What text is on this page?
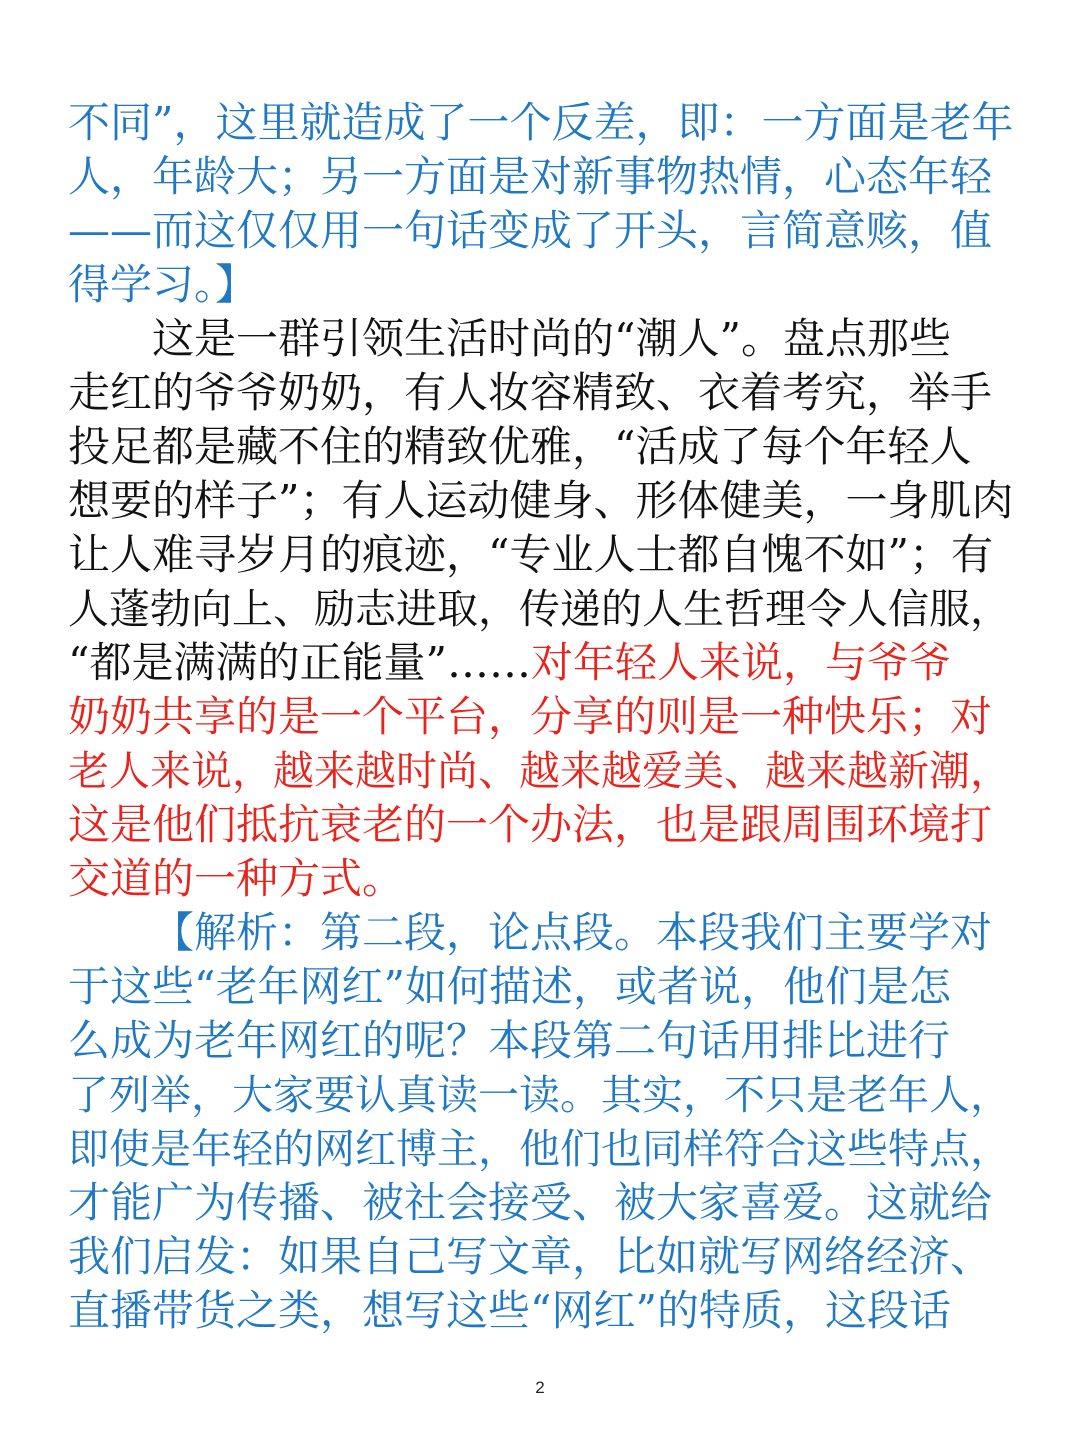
不同”，这里就造成了一个反差，即：一方面是老年
人，年龄大；另一方面是对新事物热情，心态年轻
——而这仅仅用一句话变成了开头，言简意赅，值
得学习。】
这是一群引领生活时尚的“潮人”。盘点那些
走红的爷爷奶奶，有人妆容精致、衣着考究，举手
投足都是藏不住的精致优雅，“活成了每个年轻人
想要的样子”；有人运动健身、形体健美，一身肌肉
让人难寻岁月的痕迹，“专业人士都自愧不如”；有
人蓬勃向上、励志进取，传递的人生哲理令人信服，
“都是满满的正能量”……对年轻人来说，与爷爷
奶奶共享的是一个平台，分享的则是一种快乐；对
老人来说，越来越时尚、越来越爱美、越来越新潮，
这是他们抵抗衰老的一个办法，也是跟周围环境打
交道的一种方式。
【解析：第二段，论点段。本段我们主要学对
于这些“老年网红”如何描述，或者说，他们是怎
么成为老年网红的呢？本段第二句话用排比进行
了列举，大家要认真读一读。其实，不只是老年人，
即使是年轻的网红博主，他们也同样符合这些特点，
才能广为传播、被社会接受、被大家喜爱。这就给
我们启发：如果自己写文章，比如就写网络经济、
直播带货之类，想写这些“网红”的特质，这段话
2
